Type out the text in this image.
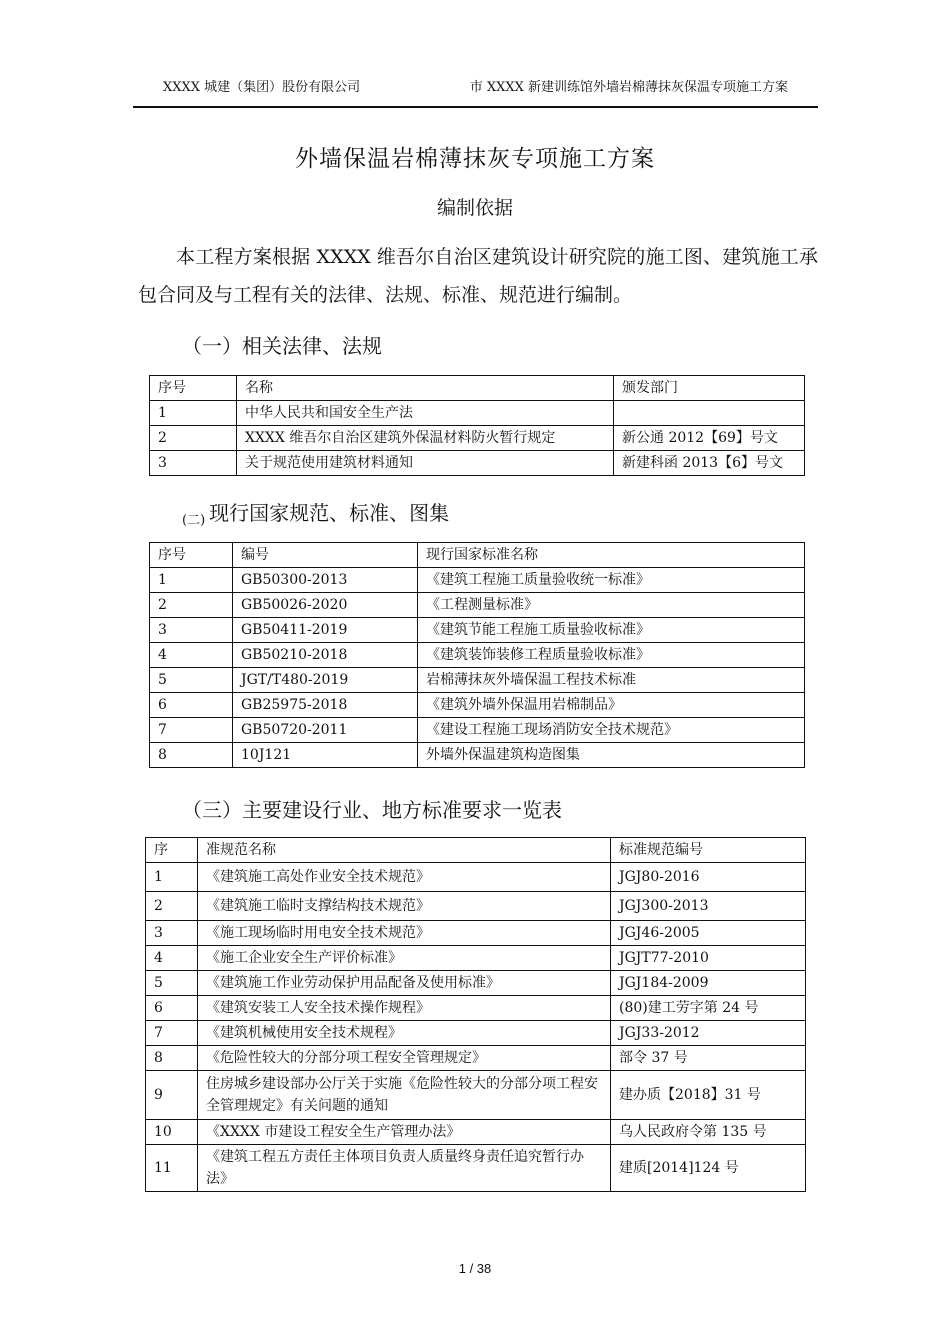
XXXX 城建（集团）股份有限公司	市 XXXX 新建训练馆外墙岩棉薄抹灰保温专项施工方案
外墙保温岩棉薄抹灰专项施工方案
编制依据
本工程方案根据 XXXX 维吾尔自治区建筑设计研究院的施工图、建筑施工承包合同及与工程有关的法律、法规、标准、规范进行编制。
（一）相关法律、法规
序号	名称	颁发部门
1	中华人民共和国安全生产法	
2	XXXX 维吾尔自治区建筑外保温材料防火暂行规定	新公通 2012【69】号文
3	关于规范使用建筑材料通知	新建科函 2013【6】号文
$_{(二)}$ 现行国家规范、标准、图集
序号	编号	现行国家标准名称
1	GB50300-2013	《建筑工程施工质量验收统一标准》
2	GB50026-2020	《工程测量标准》
3	GB50411-2019	《建筑节能工程施工质量验收标准》
4	GB50210-2018	《建筑装饰装修工程质量验收标准》
5	JGT/T480-2019	岩棉薄抹灰外墙保温工程技术标准
6	GB25975-2018	《建筑外墙外保温用岩棉制品》
7	GB50720-2011	《建设工程施工现场消防安全技术规范》
8	10J121	外墙外保温建筑构造图集
（三）主要建设行业、地方标准要求一览表
序	准规范名称	标准规范编号
1	《建筑施工高处作业安全技术规范》	JGJ80-2016
2	《建筑施工临时支撑结构技术规范》	JGJ300-2013
3	《施工现场临时用电安全技术规范》	JGJ46-2005
4	《施工企业安全生产评价标准》	JGJT77-2010
5	《建筑施工作业劳动保护用品配备及使用标准》	JGJ184-2009
6	《建筑安装工人安全技术操作规程》	(80)建工劳字第 24 号
7	《建筑机械使用安全技术规程》	JGJ33-2012
8	《危险性较大的分部分项工程安全管理规定》	部令 37 号
9	住房城乡建设部办公厅关于实施《危险性较大的分部分项工程安全管理规定》有关问题的通知	建办质【2018】31 号
10	《XXXX 市建设工程安全生产管理办法》	乌人民政府令第 135 号
11	《建筑工程五方责任主体项目负责人质量终身责任追究暂行办法》	建质[2014]124 号
1 / 38
